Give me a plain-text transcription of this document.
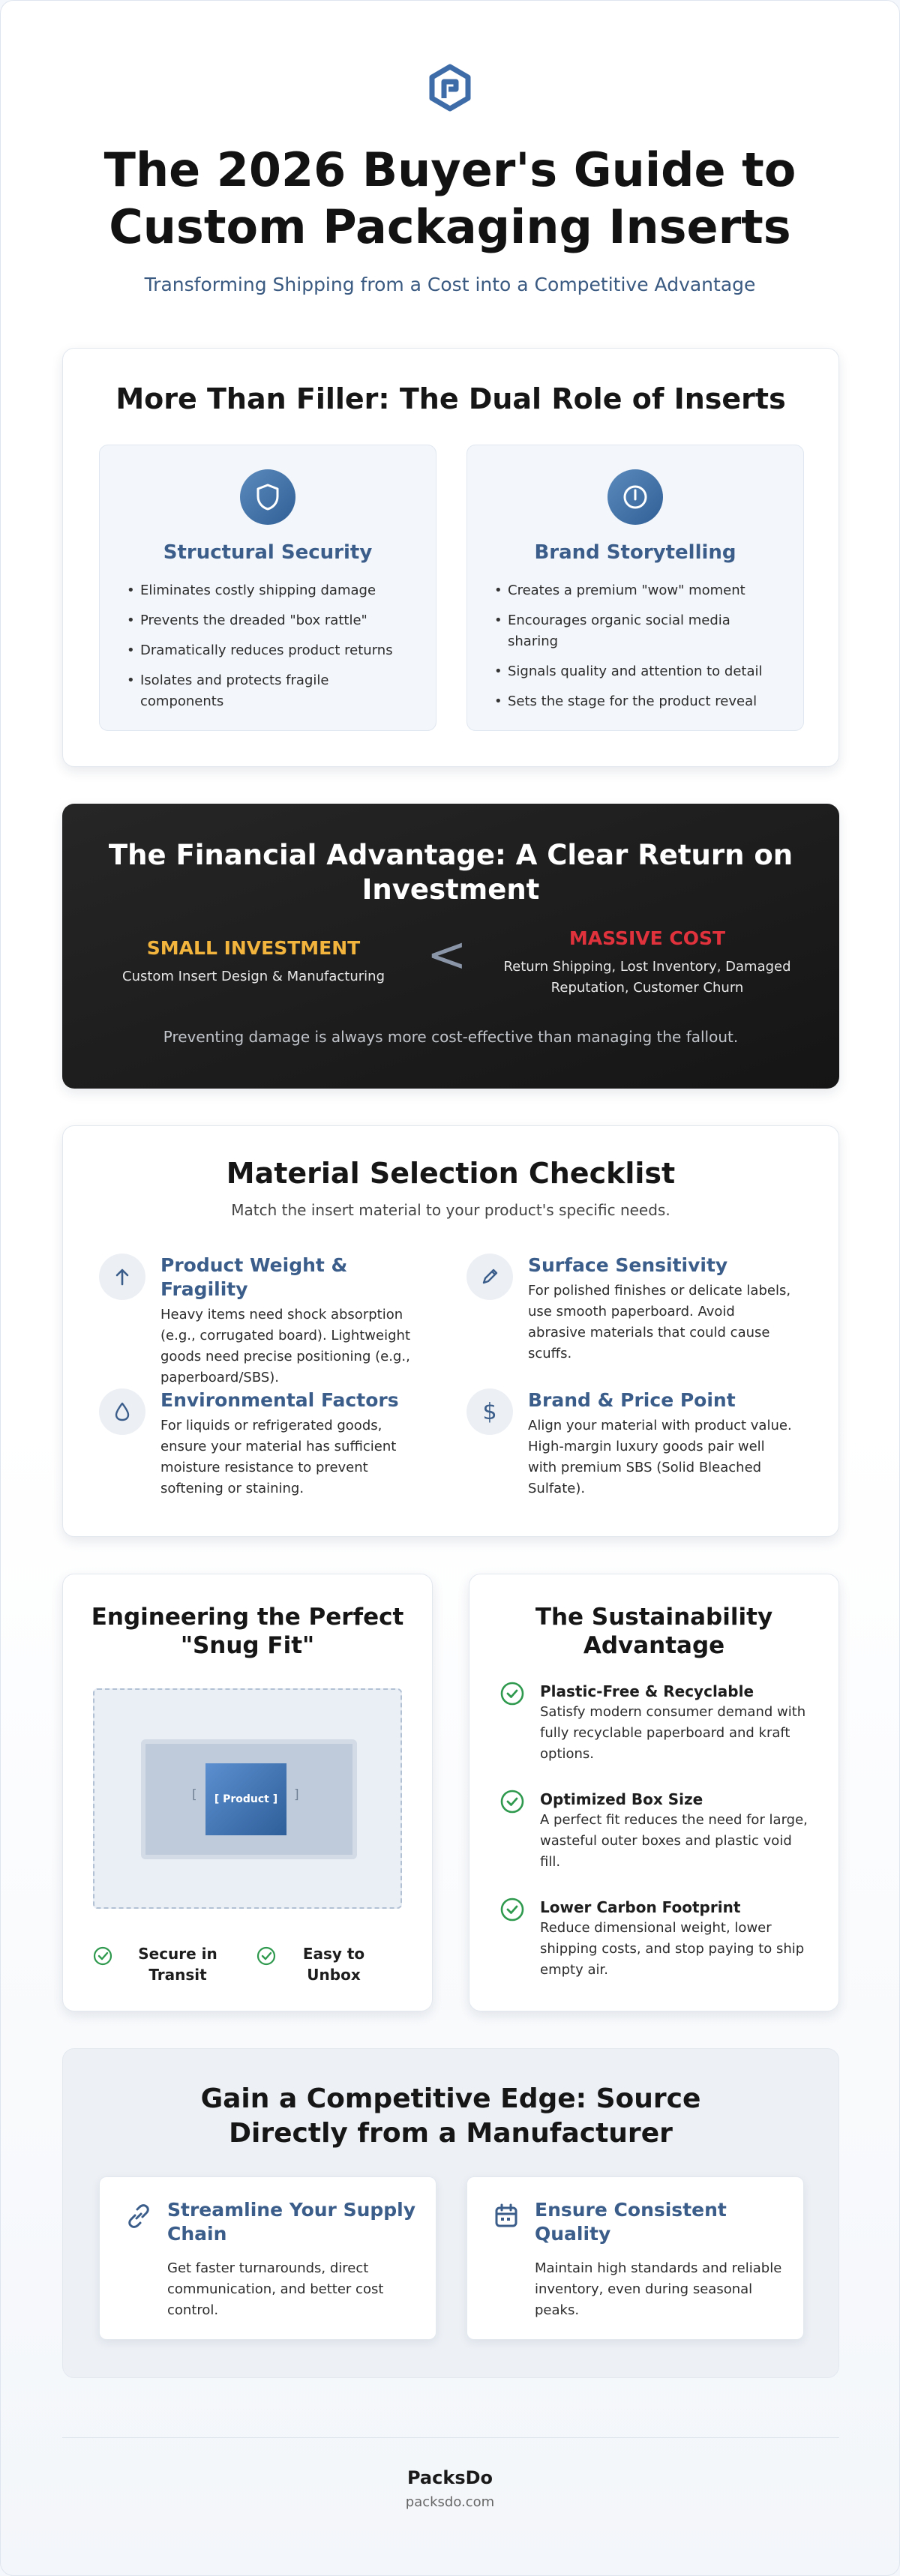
The 2026 Buyer's Guide to Custom Packaging Inserts

Transforming Shipping from a Cost into a Competitive Advantage

More Than Filler: The Dual Role of Inserts
Structural Security
• Eliminates costly shipping damage
• Prevents the dreaded "box rattle"
• Dramatically reduces product returns
• Isolates and protects fragile components
Brand Storytelling
• Creates a premium "wow" moment
• Encourages organic social media sharing
• Signals quality and attention to detail
• Sets the stage for the product reveal
The Financial Advantage: A Clear Return on Investment
SMALL INVESTMENT
Custom Insert Design & Manufacturing <	MASSIVE COST
Return Shipping, Lost Inventory, Damaged Reputation, Customer Churn

Preventing damage is always more cost-effective than managing the fallout.

Material Selection Checklist

Match the insert material to your product's specific needs.

Product Weight & Fragility
Heavy items need shock absorption (e.g., corrugated board). Lightweight goods need precise positioning (e.g., paperboard/SBS).
Surface Sensitivity
For polished finishes or delicate labels, use smooth paperboard. Avoid abrasive materials that could cause scuffs.
Environmental Factors
For liquids or refrigerated goods, ensure your material has sufficient moisture resistance to prevent softening or staining.
$ Brand & Price Point
Align your material with product value. High-margin luxury goods pair well with premium SBS (Solid Bleached Sulfate).
Engineering the Perfect "Snug Fit"
[	[ Product ]	]
Secure in Transit
Easy to Unbox
The Sustainability Advantage
Plastic-Free & Recyclable
Satisfy modern consumer demand with fully recyclable paperboard and kraft options.
Optimized Box Size
A perfect fit reduces the need for large, wasteful outer boxes and plastic void fill.
Lower Carbon Footprint
Reduce dimensional weight, lower shipping costs, and stop paying to ship empty air.
Gain a Competitive Edge: Source Directly from a Manufacturer
Streamline Your Supply Chain
Get faster turnarounds, direct communication, and better cost control.
Ensure Consistent Quality
Maintain high standards and reliable inventory, even during seasonal peaks.
PacksDo
packsdo.com
